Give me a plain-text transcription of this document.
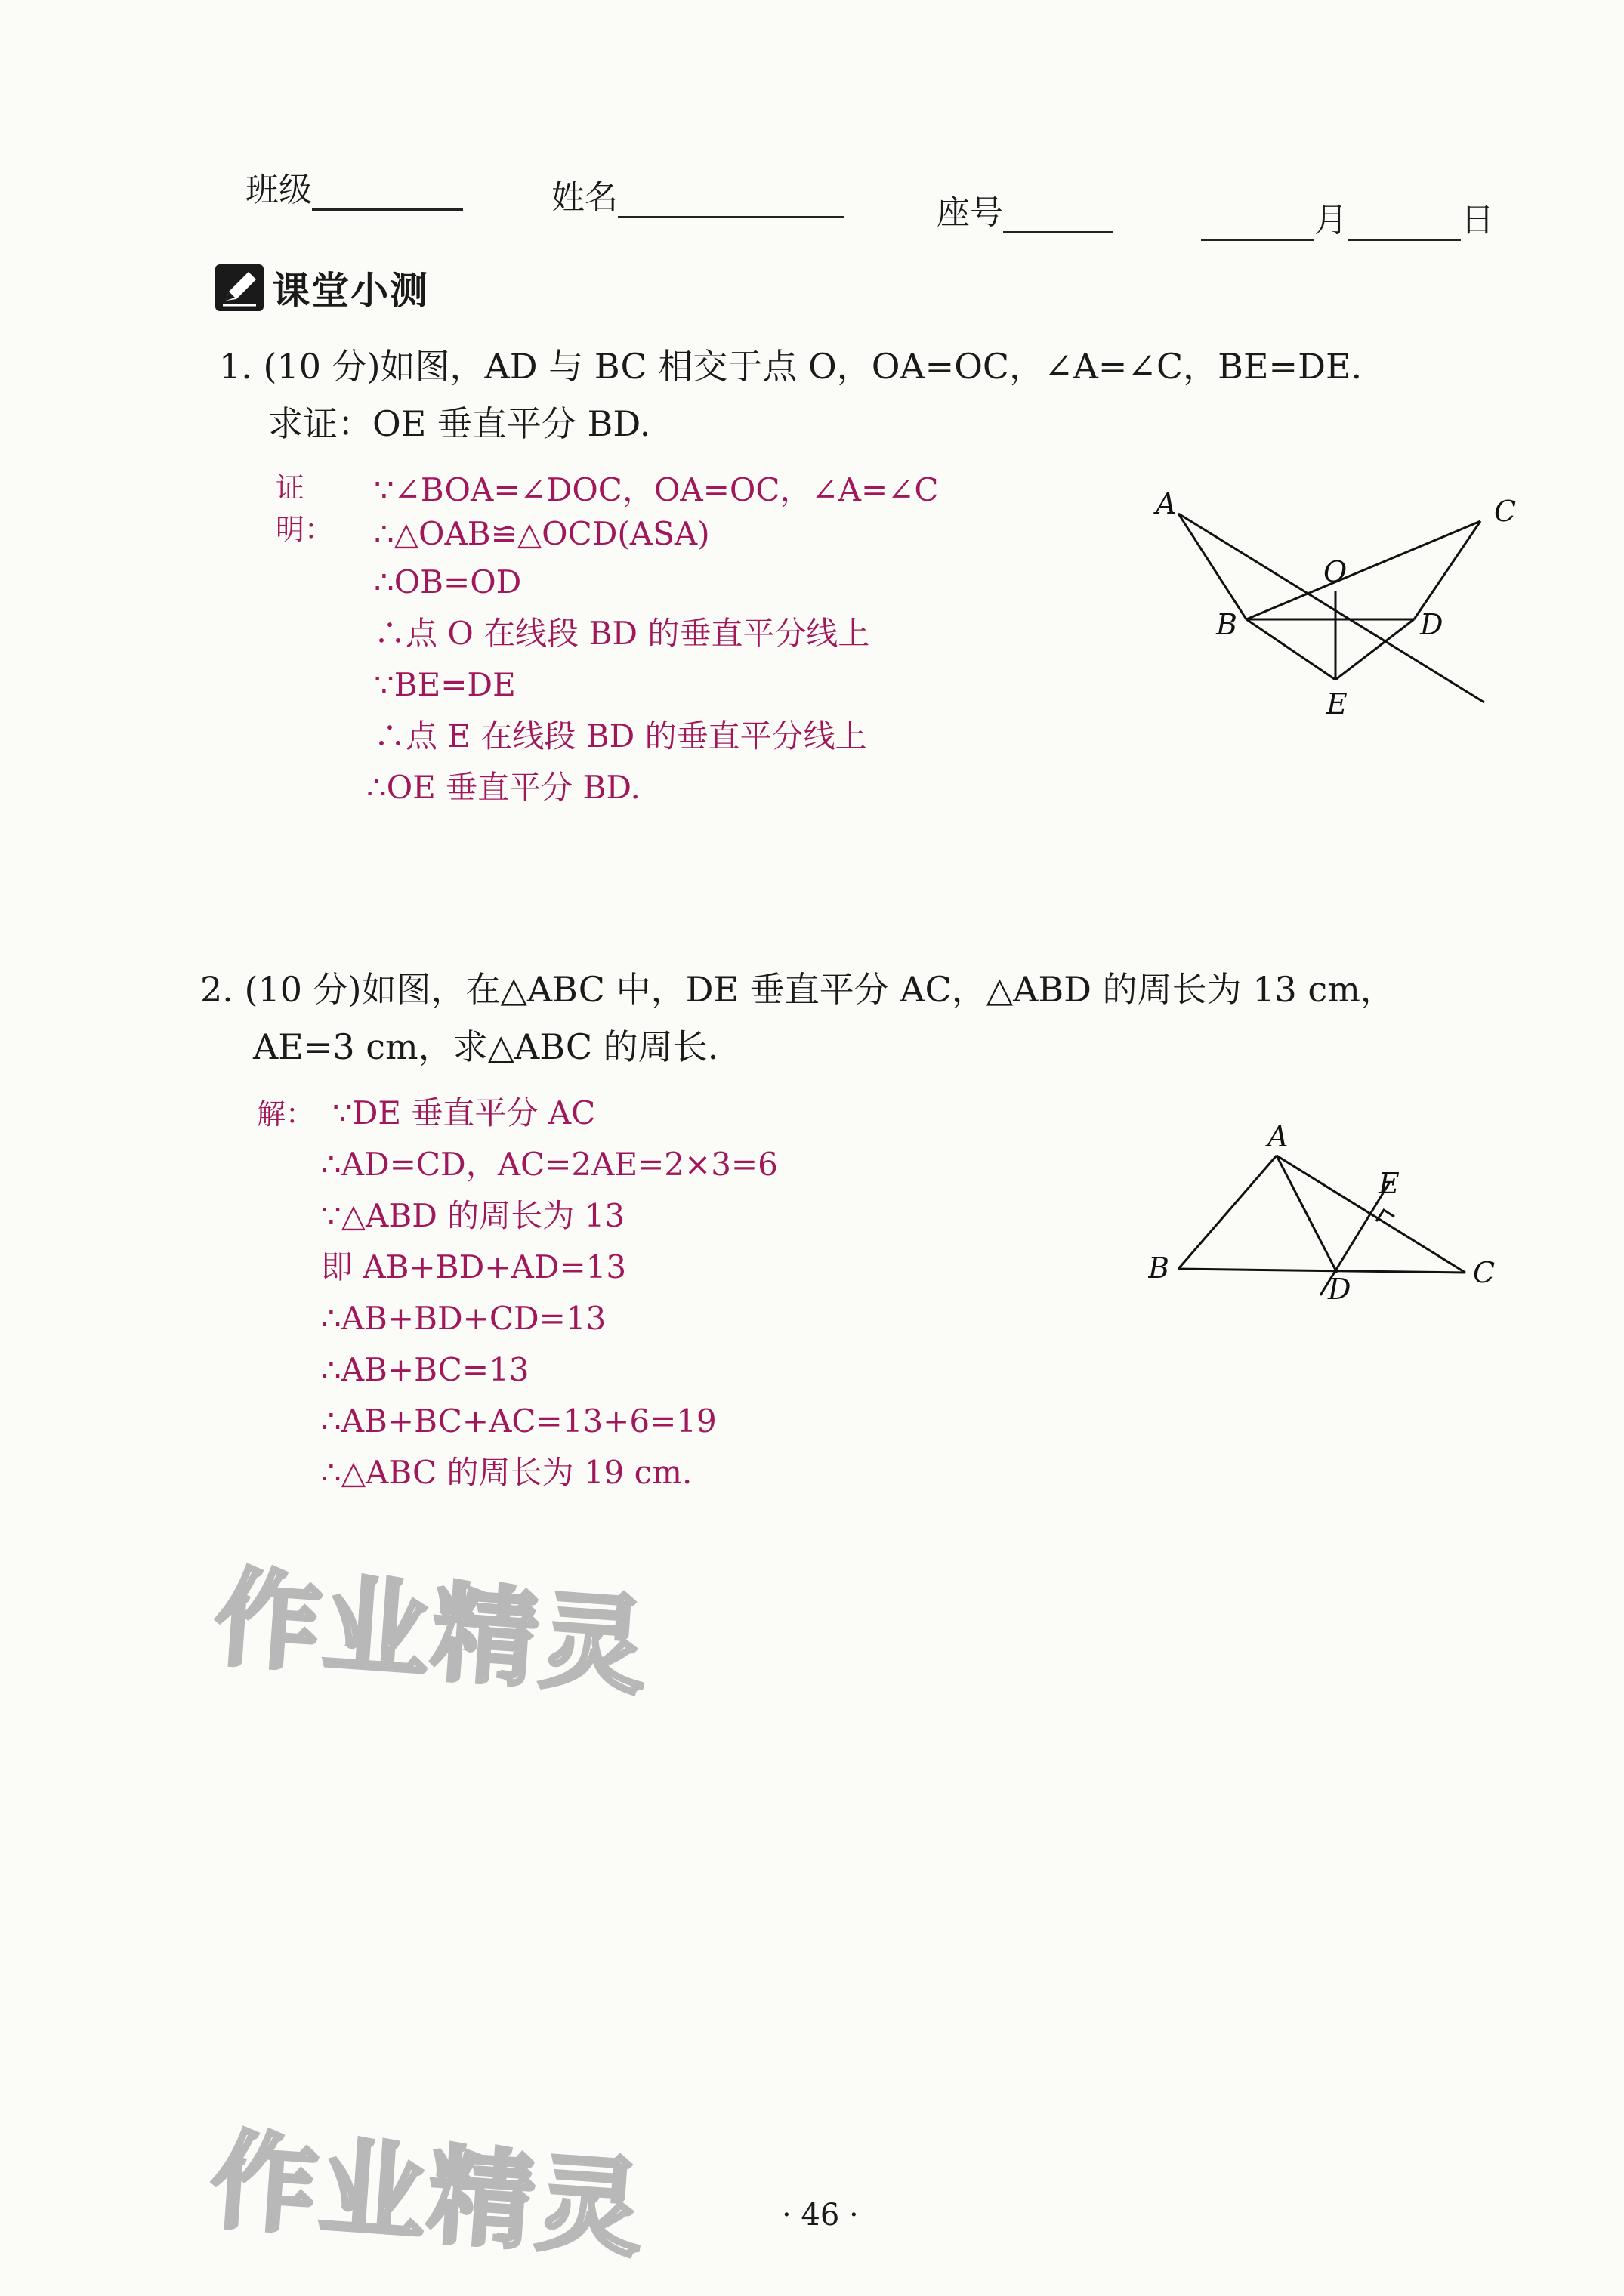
班级	姓名	座号	月	日
课堂小测
1. (10 分)如图，AD 与 BC 相交于点 O，OA=OC，∠A=∠C，BE=DE.
求证：OE 垂直平分 BD.
证明：
∵∠BOA=∠DOC，OA=OC，∠A=∠C
∴△OAB≌△OCD(ASA)
∴OB=OD
∴点 O 在线段 BD 的垂直平分线上
∵BE=DE
∴点 E 在线段 BD 的垂直平分线上
∴OE 垂直平分 BD.
A	C
O
B	D
E
2. (10 分)如图，在△ABC 中，DE 垂直平分 AC，△ABD 的周长为 13 cm，
AE=3 cm，求△ABC 的周长.
解： ∵DE 垂直平分 AC
∴AD=CD，AC=2AE=2×3=6
∵△ABD 的周长为 13
即 AB+BD+AD=13
∴AB+BD+CD=13
∴AB+BC=13
∴AB+BC+AC=13+6=19
∴△ABC 的周长为 19 cm.
A
E
B
D	C
作业精灵
作业精灵	· 46 ·
